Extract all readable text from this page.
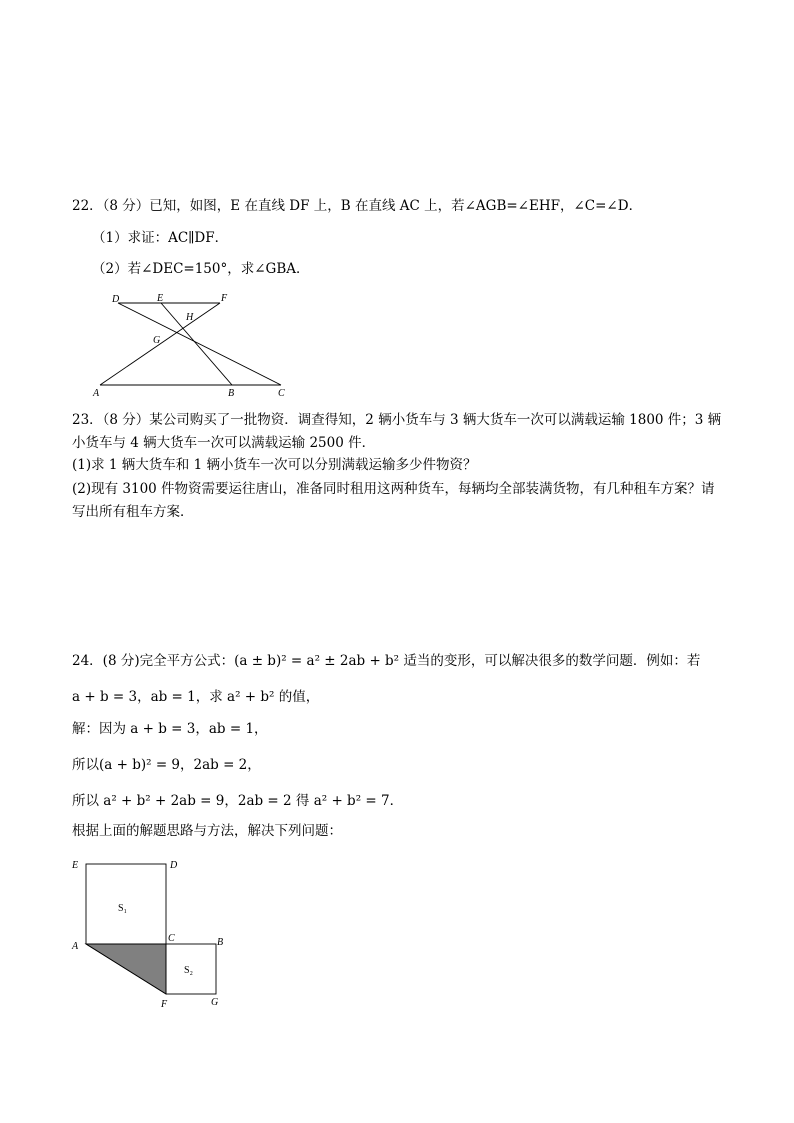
22．（8 分）已知，如图，E 在直线 DF 上，B 在直线 AC 上，若∠AGB=∠EHF，∠C=∠D．
（1）求证：AC∥DF．
（2）若∠DEC=150°，求∠GBA．
D	E	F
H
G
A	B	C
23．（8 分）某公司购买了一批物资．调查得知，2 辆小货车与 3 辆大货车一次可以满载运输 1800 件；3 辆
小货车与 4 辆大货车一次可以满载运输 2500 件．
(1)求 1 辆大货车和 1 辆小货车一次可以分别满载运输多少件物资？
(2)现有 3100 件物资需要运往唐山，准备同时租用这两种货车，每辆均全部装满货物，有几种租车方案？请
写出所有租车方案．
24．(8 分)完全平方公式：(a ± b)² = a² ± 2ab + b² 适当的变形，可以解决很多的数学问题．例如：若
a + b = 3，ab = 1，求 a² + b² 的值，
解：因为 a + b = 3，ab = 1，
所以(a + b)² = 9，2ab = 2，
所以 a² + b² + 2ab = 9，2ab = 2 得 a² + b² = 7．
根据上面的解题思路与方法，解决下列问题：
E	D
S₁
A
C	B
S₂
F	G
